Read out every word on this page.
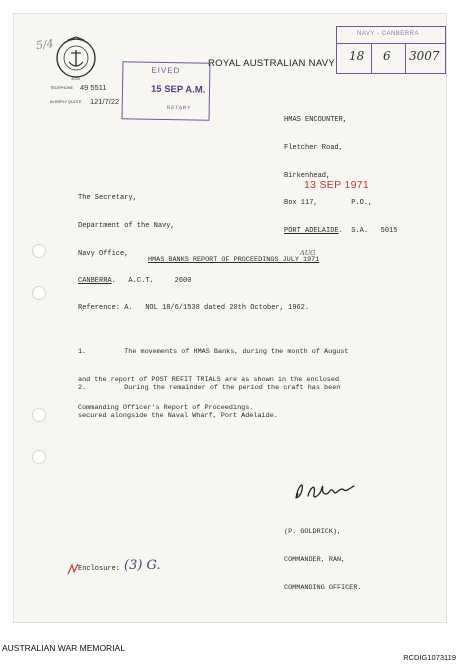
5/4
R.A.N.
ROYAL AUSTRALIAN NAVY
TELEPHONE 49 5511
IN REPLY QUOTE 121/7/22
EIVED
15 SEP A.M.
RETARY
NAVY - CANBERRA
18 6 3007

HMAS ENCOUNTER,

Fletcher Road,

Birkenhead,

Box 117,        P.O.,

PORT ADELAIDE.  S.A.   5015

13 SEP 1971

The Secretary,

Department of the Navy,

Navy Office,

CANBERRA.   A.C.T.     2600

AUG
HMAS BANKS REPORT OF PROCEEDINGS JULY 1971
Reference: A.   NOL 18/6/1538 dated 20th October, 1962.

1.	The movements of HMAS Banks, during the month of August

and the report of POST REFIT TRIALS are as shown in the enclosed

Commanding Officer's Report of Proceedings.

2.	During the remainder of the period the craft has been

secured alongside the Naval Wharf, Port Adelaide.

(P. GOLDRICK),

COMMANDER, RAN,

COMMANDING OFFICER.

Enclosure: (3) G.
AUSTRALIAN WAR MEMORIAL
RCDIG1073119
